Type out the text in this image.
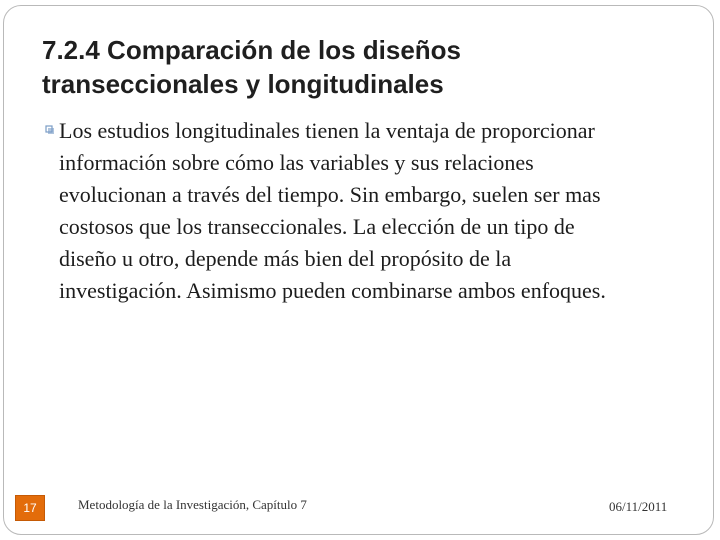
7.2.4 Comparación de los diseños
transeccionales y longitudinales

Los estudios longitudinales tienen la ventaja de proporcionar
información sobre cómo las variables y sus relaciones
evolucionan a través del tiempo. Sin embargo, suelen ser mas
costosos que los transeccionales. La elección de un tipo de
diseño u otro, depende más bien del propósito de la
investigación. Asimismo pueden combinarse ambos enfoques.

17	Metodología de la Investigación, Capítulo 7	06/11/2011
